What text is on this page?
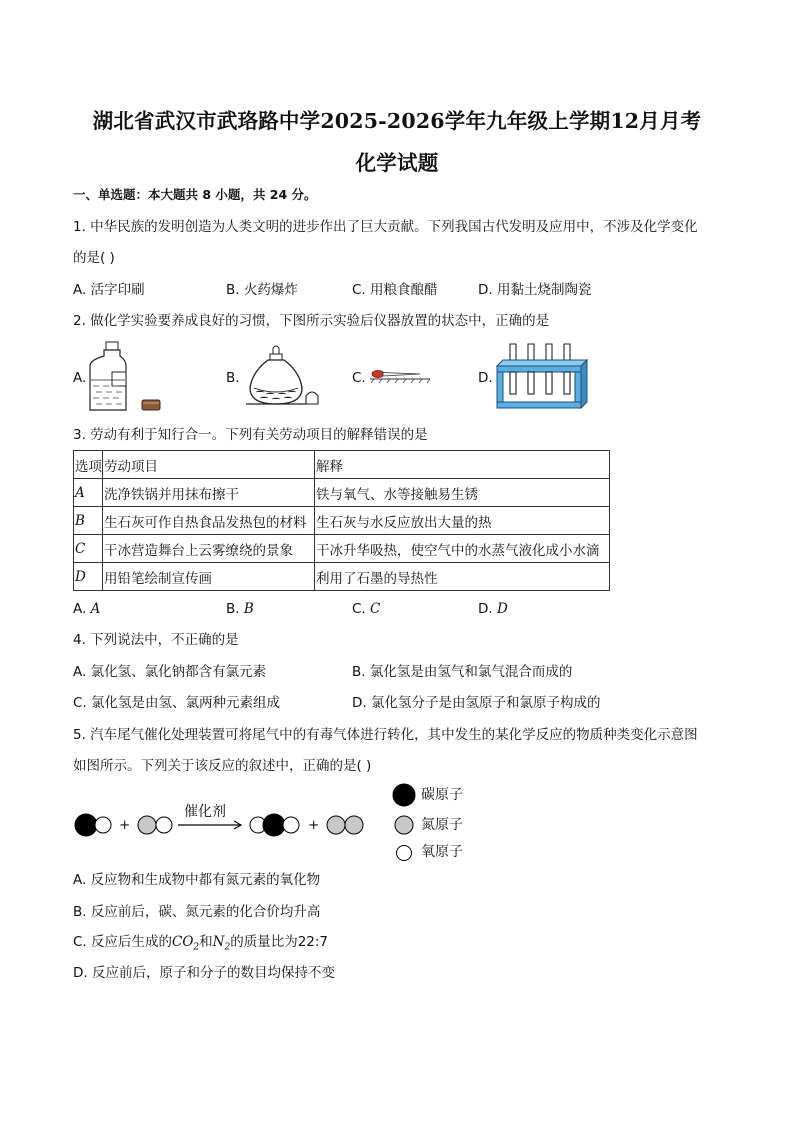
湖北省武汉市武珞路中学2025-2026学年九年级上学期12月月考
化学试题
一、单选题：本大题共 8 小题，共 24 分。
1. 中华民族的发明创造为人类文明的进步作出了巨大贡献。下列我国古代发明及应用中，不涉及化学变化
的是( )
A. 活字印刷	B. 火药爆炸	C. 用粮食酿醋	D. 用黏土烧制陶瓷
2. 做化学实验要养成良好的习惯，下图所示实验后仪器放置的状态中，正确的是
A.	B.	C.	D.
3. 劳动有利于知行合一。下列有关劳动项目的解释错误的是
选项	劳动项目	解释
A	洗净铁锅并用抹布擦干	铁与氧气、水等接触易生锈
B	生石灰可作自热食品发热包的材料	生石灰与水反应放出大量的热
C	干冰营造舞台上云雾缭绕的景象	干冰升华吸热，使空气中的水蒸气液化成小水滴
D	用铅笔绘制宣传画	利用了石墨的导热性
A. A	B. B	C. C	D. D
4. 下列说法中，不正确的是
A. 氯化氢、氯化钠都含有氯元素	B. 氯化氢是由氢气和氯气混合而成的
C. 氯化氢是由氢、氯两种元素组成	D. 氯化氢分子是由氢原子和氯原子构成的
5. 汽车尾气催化处理装置可将尾气中的有毒气体进行转化，其中发生的某化学反应的物质种类变化示意图
如图所示。下列关于该反应的叙述中，正确的是( )
+	+
催化剂
碳原子
氮原子
氧原子
A. 反应物和生成物中都有氮元素的氧化物
B. 反应前后，碳、氮元素的化合价均升高
C. 反应后生成的$CO_2$和$N_2$的质量比为22:7
D. 反应前后，原子和分子的数目均保持不变
